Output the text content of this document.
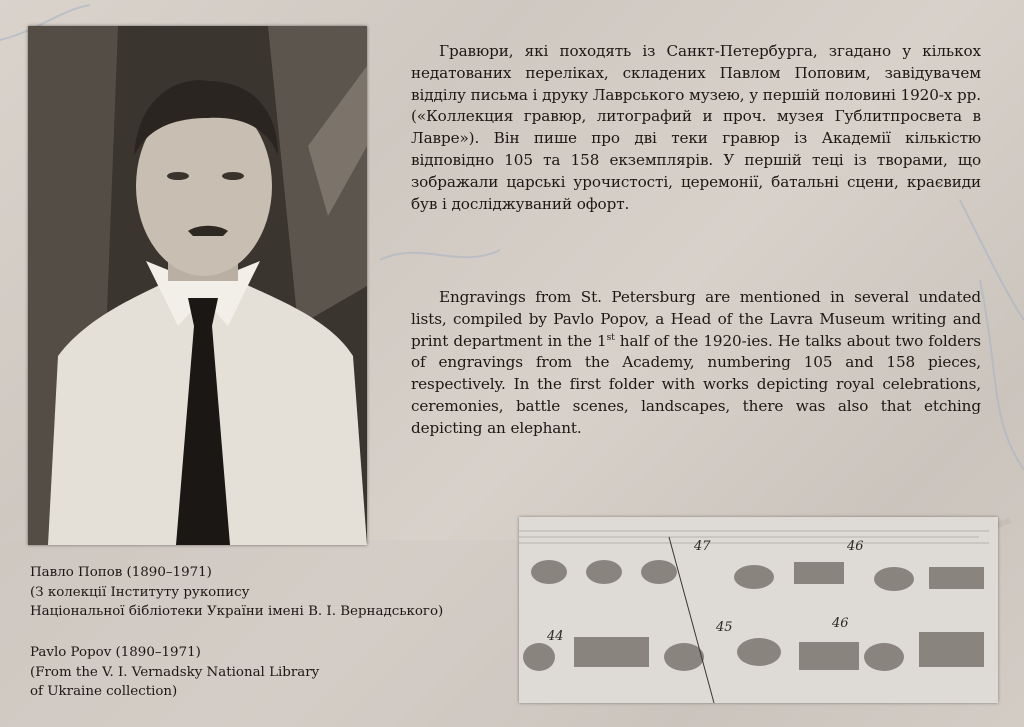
Гравюри, які походять із Санкт-Петербурга, згадано у кількох недатованих переліках, складених Павлом Поповим, завідувачем відділу письма і друку Лаврського музею, у першій половині 1920-х рр. («Коллекция гравюр, литографий и проч. музея Гублитпросвета в Лавре»). Він пише про дві теки гравюр із Академії кількістю відповідно 105 та 158 екземплярів. У першій теці із творами, що зображали царські урочистості, церемонії, батальні сцени, краєвиди був і досліджуваний офорт.

Engravings from St. Petersburg are mentioned in several undated lists, compiled by Pavlo Popov, a Head of the Lavra Museum writing and print department in the 1st half of the 1920-ies. He talks about two folders of engravings from the Academy, numbering 105 and 158 pieces, respectively. In the first folder with works depicting royal celebrations, ceremonies, battle scenes, landscapes, there was also that etching depicting an elephant.

Павло Попов (1890–1971)
(З колекції Інституту рукопису
Національної бібліотеки України імені В. І. Вернадського)
Pavlo Popov (1890–1971)
(From the V. I. Vernadsky National Library
of Ukraine collection)
47	46
44
45	46
